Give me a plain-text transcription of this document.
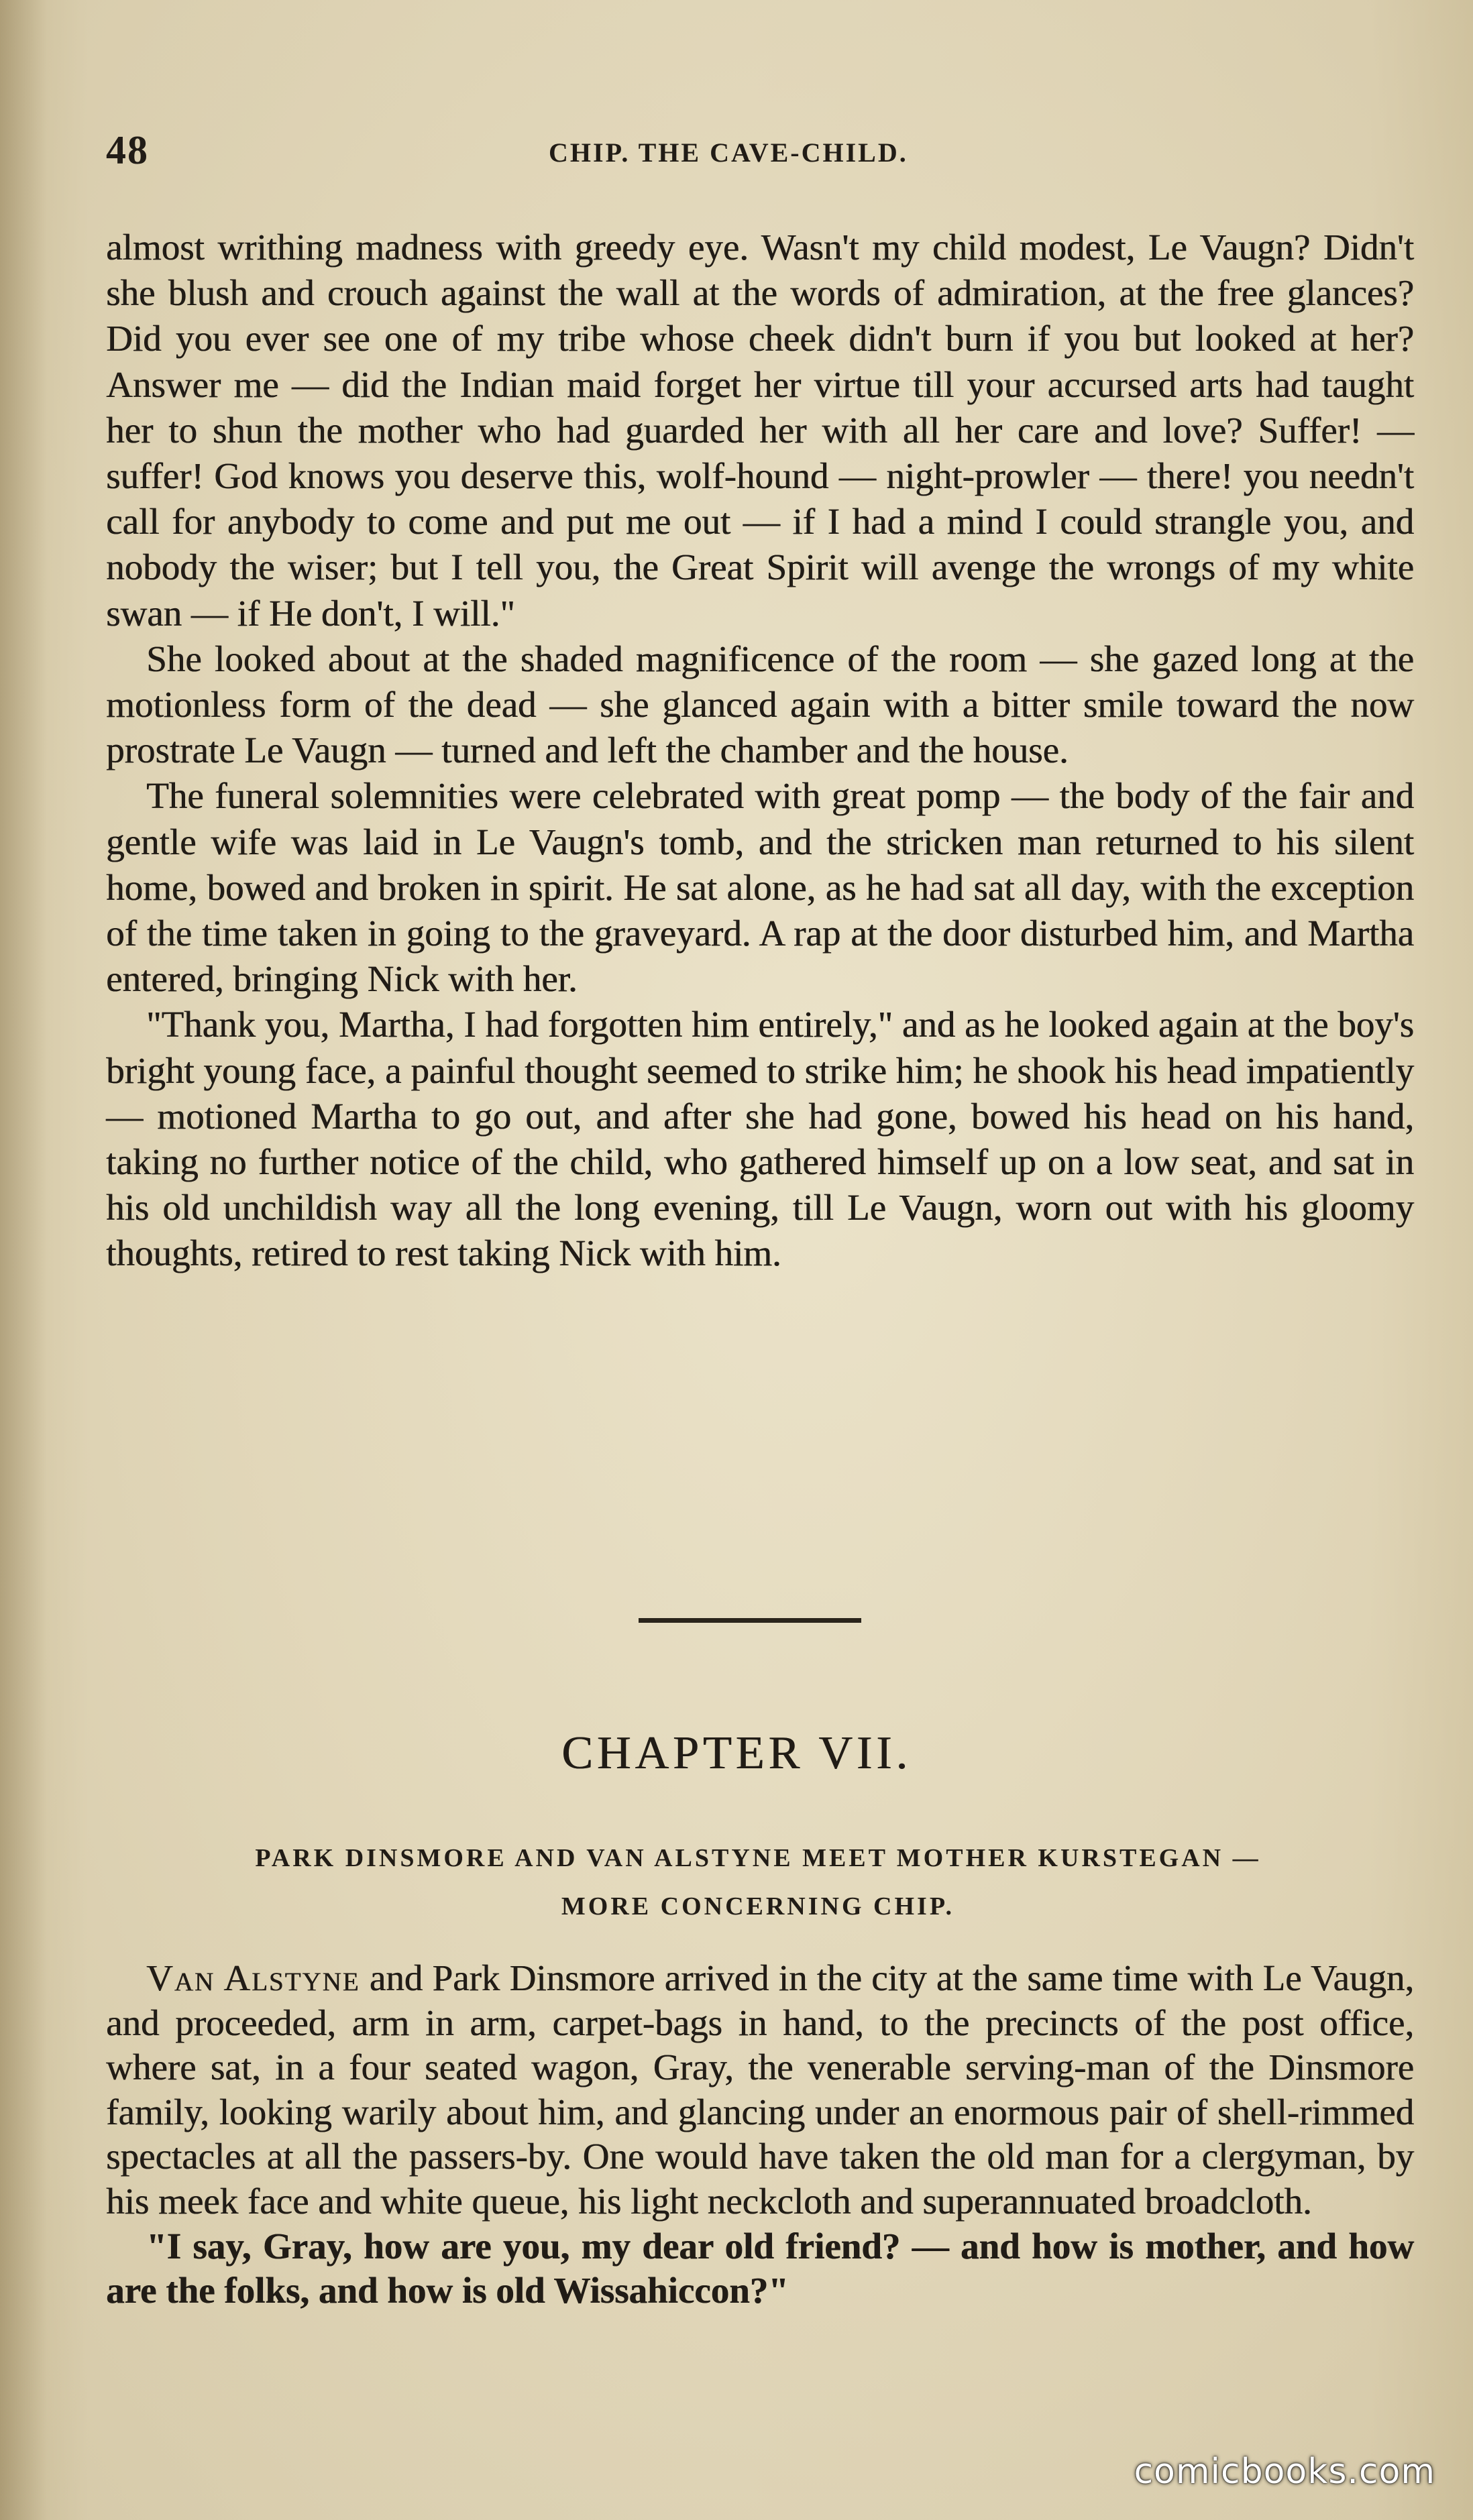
48	CHIP. THE CAVE-CHILD.

almost writhing madness with greedy eye. Wasn't my child modest, Le Vaugn? Didn't she blush and crouch against the wall at the words of admiration, at the free glances? Did you ever see one of my tribe whose cheek didn't burn if you but looked at her? Answer me — did the Indian maid forget her virtue till your accursed arts had taught her to shun the mother who had guarded her with all her care and love? Suffer! — suffer! God knows you deserve this, wolf-hound — night-prowler — there! you needn't call for anybody to come and put me out — if I had a mind I could strangle you, and nobody the wiser; but I tell you, the Great Spirit will avenge the wrongs of my white swan — if He don't, I will."

She looked about at the shaded magnificence of the room — she gazed long at the motionless form of the dead — she glanced again with a bitter smile toward the now prostrate Le Vaugn — turned and left the chamber and the house.

The funeral solemnities were celebrated with great pomp — the body of the fair and gentle wife was laid in Le Vaugn's tomb, and the stricken man returned to his silent home, bowed and broken in spirit. He sat alone, as he had sat all day, with the exception of the time taken in going to the graveyard. A rap at the door disturbed him, and Martha entered, bringing Nick with her.

"Thank you, Martha, I had forgotten him entirely," and as he looked again at the boy's bright young face, a painful thought seemed to strike him; he shook his head impatiently — motioned Martha to go out, and after she had gone, bowed his head on his hand, taking no further notice of the child, who gathered himself up on a low seat, and sat in his old unchildish way all the long evening, till Le Vaugn, worn out with his gloomy thoughts, retired to rest taking Nick with him.

CHAPTER VII.
PARK DINSMORE AND VAN ALSTYNE MEET MOTHER KURSTEGAN —
MORE CONCERNING CHIP.

Van Alstyne and Park Dinsmore arrived in the city at the same time with Le Vaugn, and proceeded, arm in arm, carpet-bags in hand, to the precincts of the post office, where sat, in a four seated wagon, Gray, the venerable serving-man of the Dinsmore family, looking warily about him, and glancing under an enormous pair of shell-rimmed spectacles at all the passers-by. One would have taken the old man for a clergyman, by his meek face and white queue, his light neckcloth and superannuated broadcloth.

"I say, Gray, how are you, my dear old friend? — and how is mother, and how are the folks, and how is old Wissahiccon?"

comicbooks.com
